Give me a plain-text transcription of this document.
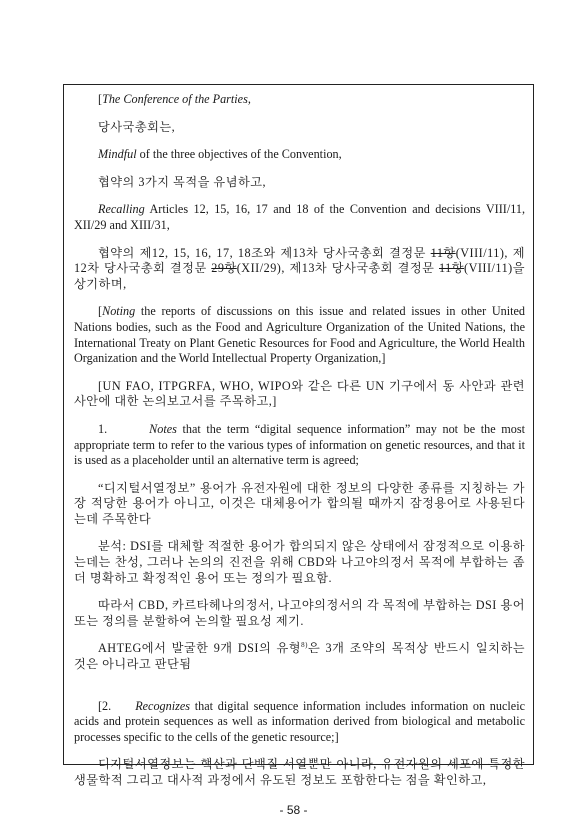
[The Conference of the Parties,

당사국총회는,

Mindful of the three objectives of the Convention,

협약의 3가지 목적을 유념하고,

Recalling Articles 12, 15, 16, 17 and 18 of the Convention and decisions VIII/11, XII/29 and XIII/31,

협약의 제12, 15, 16, 17, 18조와 제13차 당사국총회 결정문 11항(VIII/11), 제12차 당사국총회 결정문 29항(XII/29), 제13차 당사국총회 결정문 11항(VIII/11)을 상기하며,

[Noting the reports of discussions on this issue and related issues in other United Nations bodies, such as the Food and Agriculture Organization of the United Nations, the International Treaty on Plant Genetic Resources for Food and Agriculture, the World Health Organization and the World Intellectual Property Organization,]

[UN FAO, ITPGRFA, WHO, WIPO와 같은 다른 UN 기구에서 동 사안과 관련 사안에 대한 논의보고서를 주목하고,]

1.	Notes that the term “digital sequence information” may not be the most appropriate term to refer to the various types of information on genetic resources, and that it is used as a placeholder until an alternative term is agreed;

“디지털서열정보” 용어가 유전자원에 대한 정보의 다양한 종류를 지칭하는 가장 적당한 용어가 아니고, 이것은 대체용어가 합의될 때까지 잠정용어로 사용된다는데 주목한다

분석: DSI를 대체할 적절한 용어가 합의되지 않은 상태에서 잠정적으로 이용하는데는 찬성, 그러나 논의의 진전을 위해 CBD와 나고야의정서 목적에 부합하는 좀 더 명확하고 확정적인 용어 또는 정의가 필요함.

따라서 CBD, 카르타헤나의정서, 나고야의정서의 각 목적에 부합하는 DSI 용어 또는 정의를 분할하여 논의할 필요성 제기.

AHTEG에서 발굴한 9개 DSI의 유형$^{8)}$은 3개 조약의 목적상 반드시 일치하는 것은 아니라고 판단됨

[2. Recognizes that digital sequence information includes information on nucleic acids and protein sequences as well as information derived from biological and metabolic processes specific to the cells of the genetic resource;]

디지털서열정보는 핵산과 단백질 서열뿐만 아니라, 유전자원의 세포에 특정한 생물학적 그리고 대사적 과정에서 유도된 정보도 포함한다는 점을 확인하고,

- 58 -
